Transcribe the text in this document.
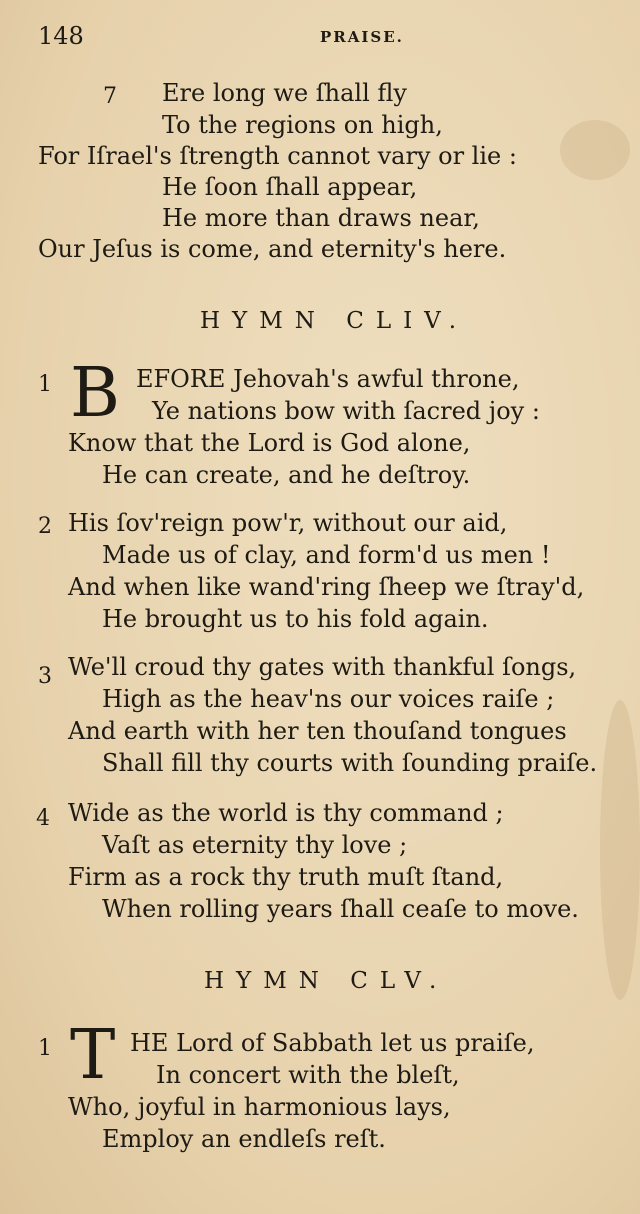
148	PRAISE.
7 Ere long we ſhall fly
To the regions on high,
For Iſrael's ſtrength cannot vary or lie :
He ſoon ſhall appear,
He more than draws near,
Our Jeſus is come, and eternity's here.
HYMN CLIV.
1 B EFORE Jehovah's awful throne,
Ye nations bow with ſacred joy :
Know that the Lord is God alone,
He can create, and he deſtroy.
2 His ſov'reign pow'r, without our aid,
Made us of clay, and form'd us men !
And when like wand'ring ſheep we ſtray'd,
He brought us to his fold again.
3 We'll croud thy gates with thankful ſongs,
High as the heav'ns our voices raiſe ;
And earth with her ten thouſand tongues
Shall fill thy courts with ſounding praiſe.
4 Wide as the world is thy command ;
Vaſt as eternity thy love ;
Firm as a rock thy truth muſt ſtand,
When rolling years ſhall ceaſe to move.
HYMN CLV.
1 T HE Lord of Sabbath let us praiſe,
In concert with the bleſt,
Who, joyful in harmonious lays,
Employ an endleſs reſt.
